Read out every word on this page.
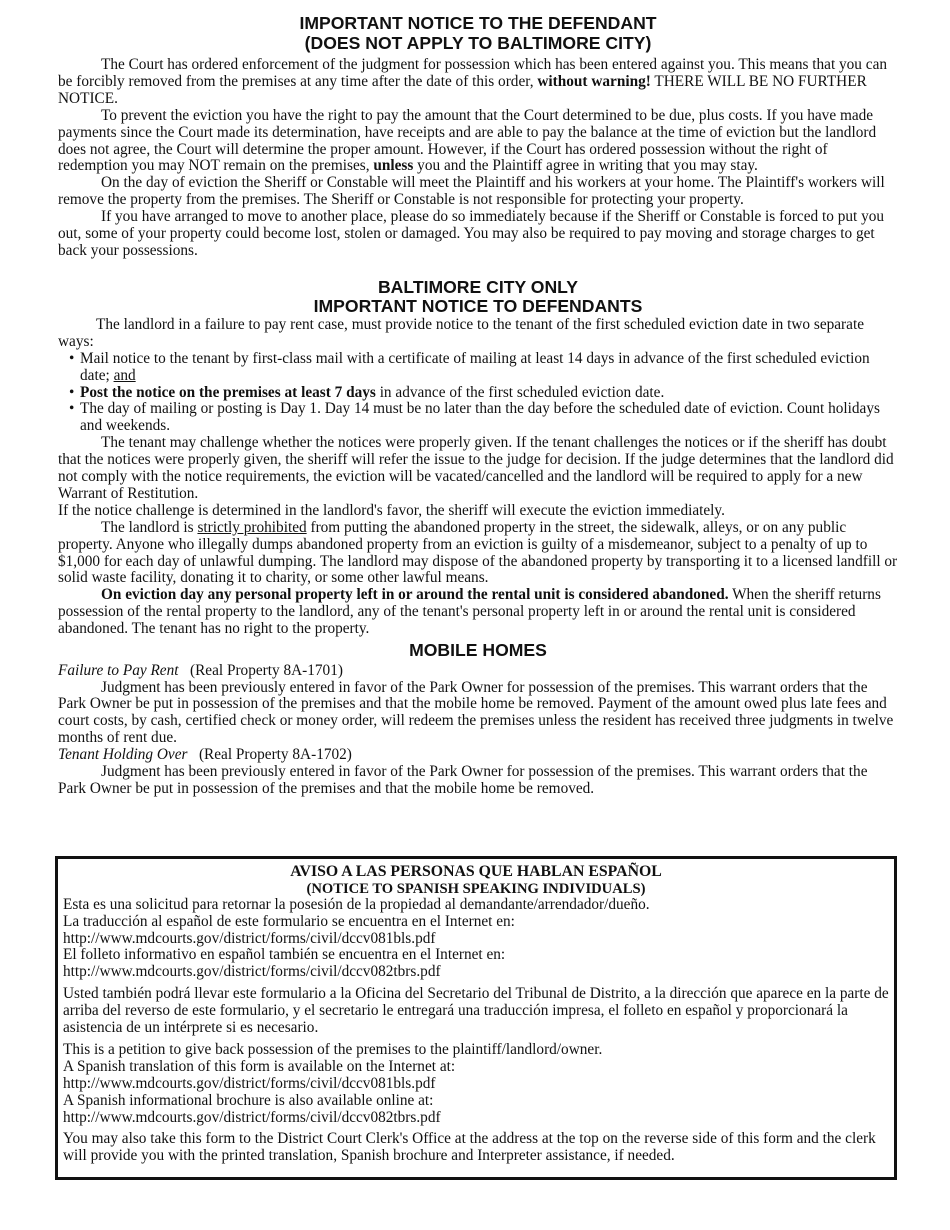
IMPORTANT NOTICE TO THE DEFENDANT
(DOES NOT APPLY TO BALTIMORE CITY)

The Court has ordered enforcement of the judgment for possession which has been entered against you. This means that you can be forcibly removed from the premises at any time after the date of this order, without warning! THERE WILL BE NO FURTHER NOTICE.

To prevent the eviction you have the right to pay the amount that the Court determined to be due, plus costs. If you have made payments since the Court made its determination, have receipts and are able to pay the balance at the time of eviction but the landlord does not agree, the Court will determine the proper amount. However, if the Court has ordered possession without the right of redemption you may NOT remain on the premises, unless you and the Plaintiff agree in writing that you may stay.

On the day of eviction the Sheriff or Constable will meet the Plaintiff and his workers at your home. The Plaintiff's workers will remove the property from the premises. The Sheriff or Constable is not responsible for protecting your property.

If you have arranged to move to another place, please do so immediately because if the Sheriff or Constable is forced to put you out, some of your property could become lost, stolen or damaged. You may also be required to pay moving and storage charges to get back your possessions.

BALTIMORE CITY ONLY
IMPORTANT NOTICE TO DEFENDANTS

The landlord in a failure to pay rent case, must provide notice to the tenant of the first scheduled eviction date in two separate ways:

• Mail notice to the tenant by first-class mail with a certificate of mailing at least 14 days in advance of the first scheduled eviction date; and
• Post the notice on the premises at least 7 days in advance of the first scheduled eviction date.
• The day of mailing or posting is Day 1. Day 14 must be no later than the day before the scheduled date of eviction. Count holidays and weekends.

The tenant may challenge whether the notices were properly given. If the tenant challenges the notices or if the sheriff has doubt that the notices were properly given, the sheriff will refer the issue to the judge for decision. If the judge determines that the landlord did not comply with the notice requirements, the eviction will be vacated/cancelled and the landlord will be required to apply for a new Warrant of Restitution.

If the notice challenge is determined in the landlord's favor, the sheriff will execute the eviction immediately.

The landlord is strictly prohibited from putting the abandoned property in the street, the sidewalk, alleys, or on any public property. Anyone who illegally dumps abandoned property from an eviction is guilty of a misdemeanor, subject to a penalty of up to $1,000 for each day of unlawful dumping. The landlord may dispose of the abandoned property by transporting it to a licensed landfill or solid waste facility, donating it to charity, or some other lawful means.

On eviction day any personal property left in or around the rental unit is considered abandoned. When the sheriff returns possession of the rental property to the landlord, any of the tenant's personal property left in or around the rental unit is considered abandoned. The tenant has no right to the property.

MOBILE HOMES

Failure to Pay Rent (Real Property 8A-1701)

Judgment has been previously entered in favor of the Park Owner for possession of the premises. This warrant orders that the Park Owner be put in possession of the premises and that the mobile home be removed. Payment of the amount owed plus late fees and court costs, by cash, certified check or money order, will redeem the premises unless the resident has received three judgments in twelve months of rent due.

Tenant Holding Over (Real Property 8A-1702)

Judgment has been previously entered in favor of the Park Owner for possession of the premises. This warrant orders that the Park Owner be put in possession of the premises and that the mobile home be removed.

AVISO A LAS PERSONAS QUE HABLAN ESPAÑOL

(NOTICE TO SPANISH SPEAKING INDIVIDUALS)

Esta es una solicitud para retornar la posesión de la propiedad al demandante/arrendador/dueño.

La traducción al español de este formulario se encuentra en el Internet en:

http://www.mdcourts.gov/district/forms/civil/dccv081bls.pdf

El folleto informativo en español también se encuentra en el Internet en:

http://www.mdcourts.gov/district/forms/civil/dccv082tbrs.pdf

Usted también podrá llevar este formulario a la Oficina del Secretario del Tribunal de Distrito, a la dirección que aparece en la parte de arriba del reverso de este formulario, y el secretario le entregará una traducción impresa, el folleto en español y proporcionará la asistencia de un intérprete si es necesario.

This is a petition to give back possession of the premises to the plaintiff/landlord/owner.

A Spanish translation of this form is available on the Internet at:

http://www.mdcourts.gov/district/forms/civil/dccv081bls.pdf

A Spanish informational brochure is also available online at:

http://www.mdcourts.gov/district/forms/civil/dccv082tbrs.pdf

You may also take this form to the District Court Clerk's Office at the address at the top on the reverse side of this form and the clerk will provide you with the printed translation, Spanish brochure and Interpreter assistance, if needed.
